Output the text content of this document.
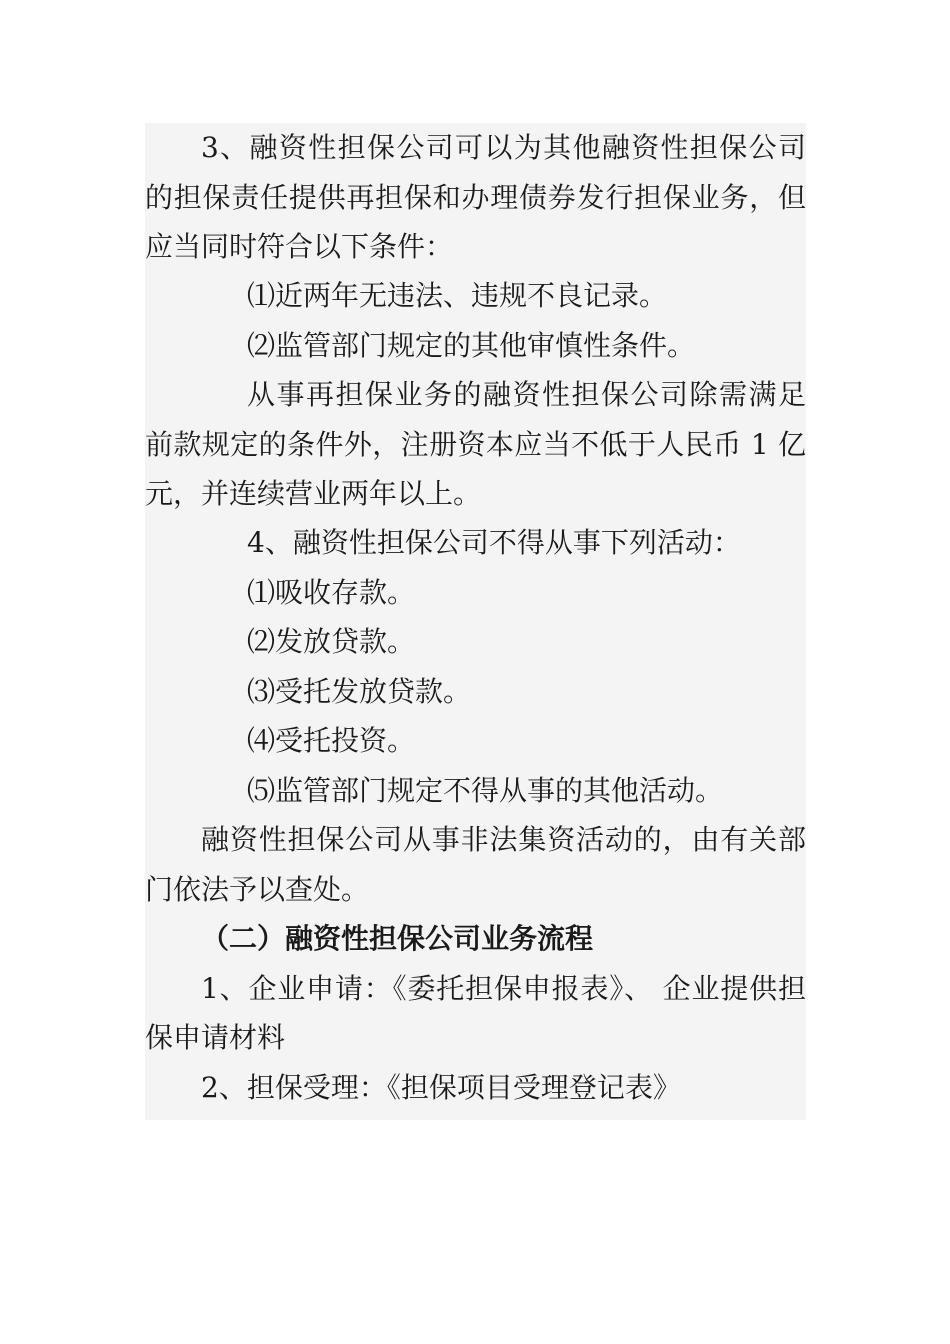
3、融资性担保公司可以为其他融资性担保公司的担保责任提供再担保和办理债券发行担保业务，但应当同时符合以下条件：

⑴近两年无违法、违规不良记录。

⑵监管部门规定的其他审慎性条件。

从事再担保业务的融资性担保公司除需满足前款规定的条件外，注册资本应当不低于人民币 1 亿元，并连续营业两年以上。

4、融资性担保公司不得从事下列活动：

⑴吸收存款。

⑵发放贷款。

⑶受托发放贷款。

⑷受托投资。

⑸监管部门规定不得从事的其他活动。

融资性担保公司从事非法集资活动的，由有关部门依法予以查处。

（二）融资性担保公司业务流程

1、企业申请：《委托担保申报表》、 企业提供担保申请材料

2、担保受理：《担保项目受理登记表》
